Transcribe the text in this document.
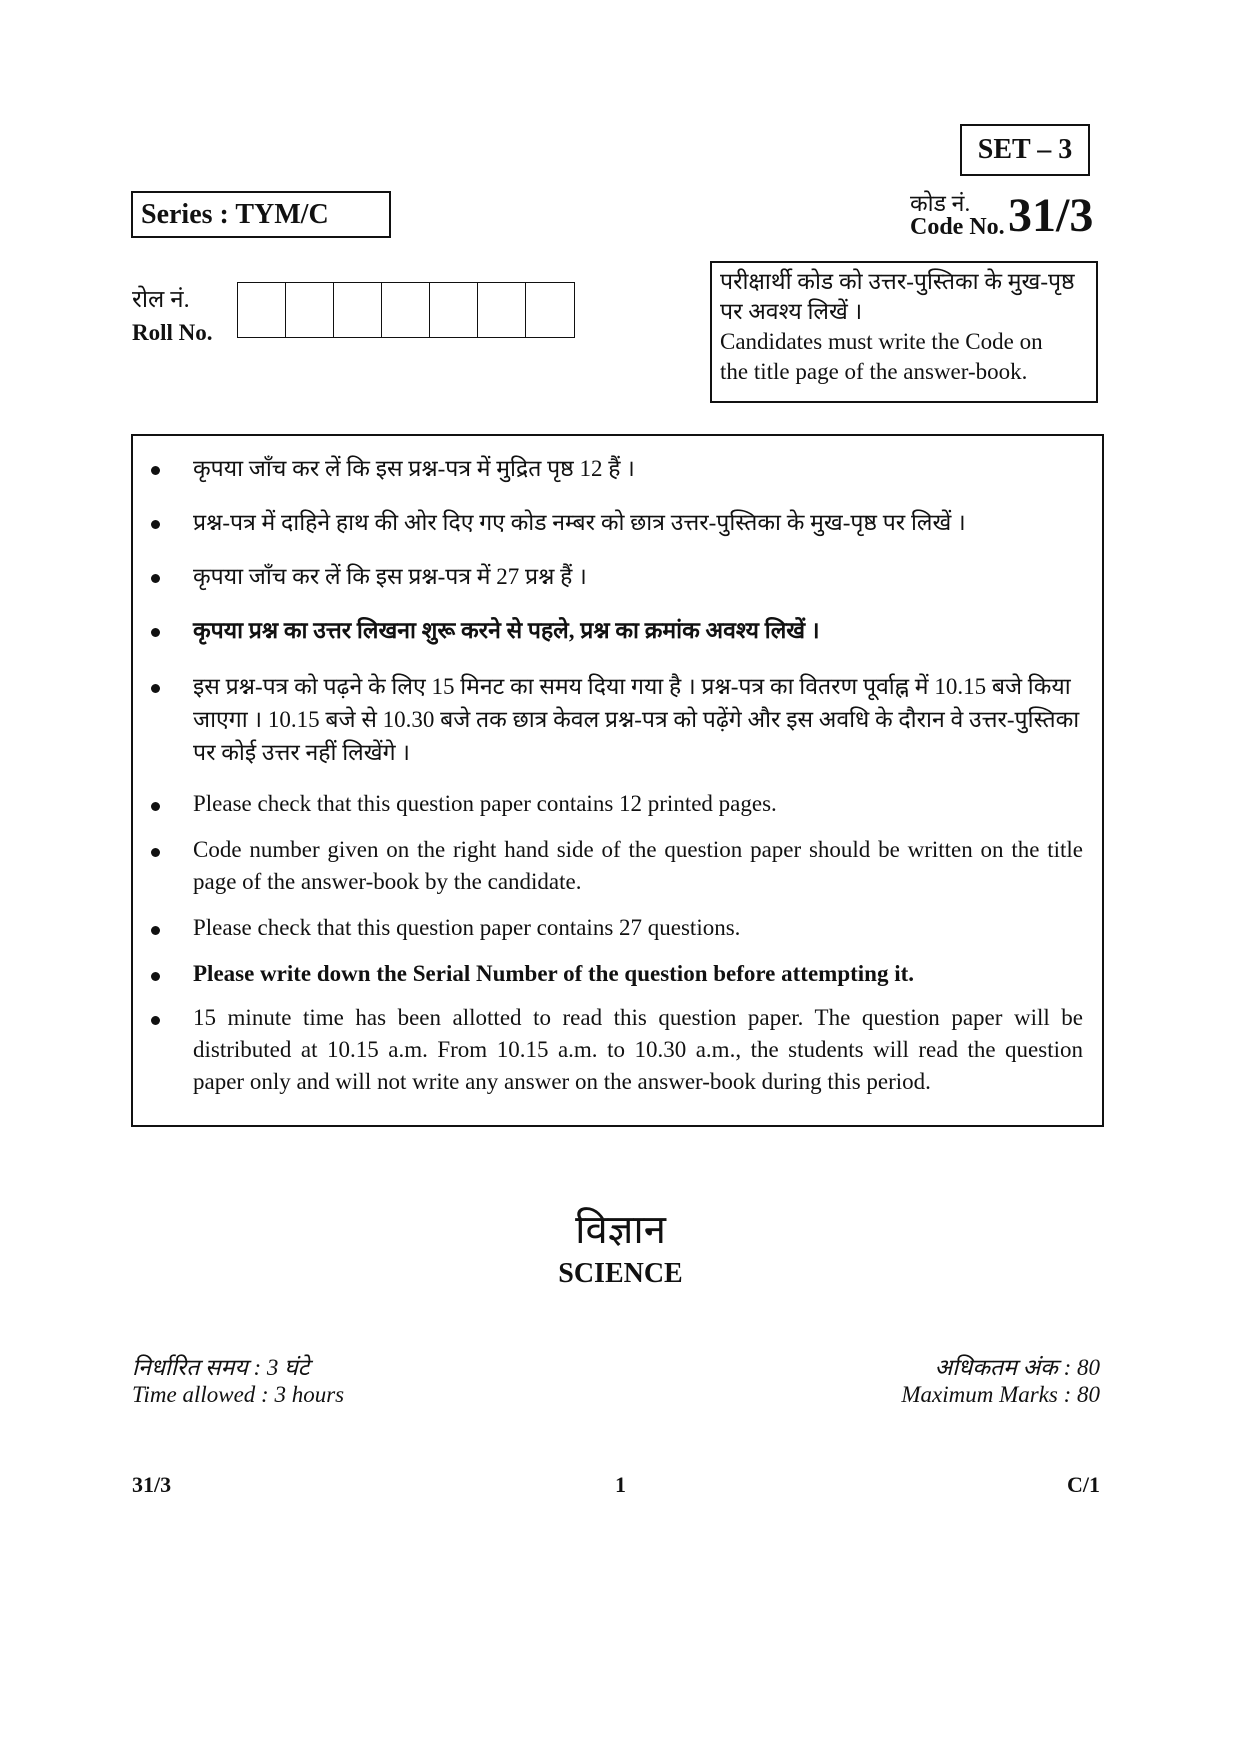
SET – 3
Series : TYM/C	कोड नं.
Code No. 31/3
रोल नं.
Roll No.
परीक्षार्थी कोड को उत्तर-पुस्तिका के मुख-पृष्ठ
पर अवश्य लिखें ।
Candidates must write the Code on
the title page of the answer-book.
कृपया जाँच कर लें कि इस प्रश्न-पत्र में मुद्रित पृष्ठ 12 हैं ।
प्रश्न-पत्र में दाहिने हाथ की ओर दिए गए कोड नम्बर को छात्र उत्तर-पुस्तिका के मुख-पृष्ठ पर लिखें ।
कृपया जाँच कर लें कि इस प्रश्न-पत्र में 27 प्रश्न हैं ।
कृपया प्रश्न का उत्तर लिखना शुरू करने से पहले, प्रश्न का क्रमांक अवश्य लिखें ।
इस प्रश्न-पत्र को पढ़ने के लिए 15 मिनट का समय दिया गया है । प्रश्न-पत्र का वितरण पूर्वाह्न में 10.15 बजे किया जाएगा । 10.15 बजे से 10.30 बजे तक छात्र केवल प्रश्न-पत्र को पढ़ेंगे और इस अवधि के दौरान वे उत्तर-पुस्तिका पर कोई उत्तर नहीं लिखेंगे ।
Please check that this question paper contains 12 printed pages.
Code number given on the right hand side of the question paper should be written on the title page of the answer-book by the candidate.
Please check that this question paper contains 27 questions.
Please write down the Serial Number of the question before attempting it.
15 minute time has been allotted to read this question paper. The question paper will be distributed at 10.15 a.m. From 10.15 a.m. to 10.30 a.m., the students will read the question paper only and will not write any answer on the answer-book during this period.
विज्ञान
SCIENCE
निर्धारित समय : 3 घंटे
Time allowed : 3 hours
अधिकतम अंक : 80
Maximum Marks : 80
31/3	1	C/1
